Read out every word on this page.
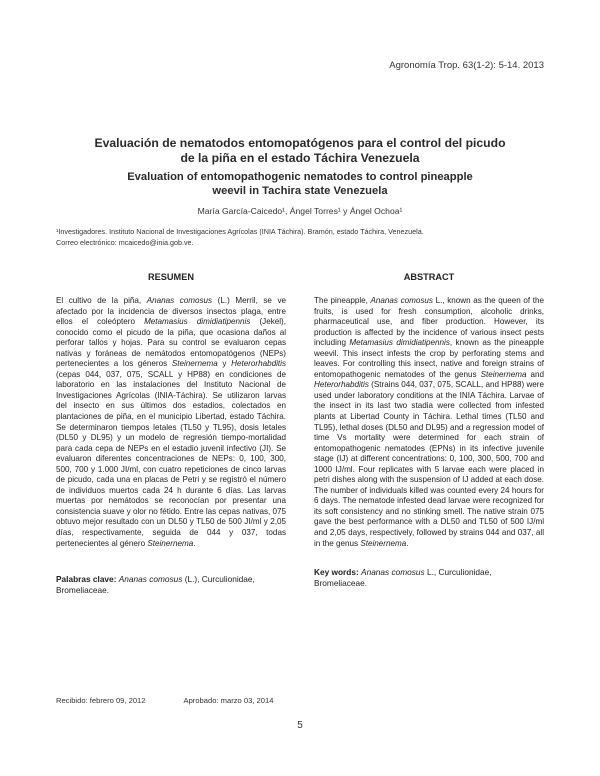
Agronomía Trop. 63(1-2): 5-14. 2013
Evaluación de nematodos entomopatógenos para el control del picudo
de la piña en el estado Táchira Venezuela
Evaluation of entomopathogenic nematodes to control pineapple
weevil in Tachira state Venezuela
María García-Caicedo¹, Ángel Torres¹ y Ángel Ochoa¹
¹Investigadores. Instituto Nacional de Investigaciones Agrícolas (INIA Táchira). Bramón, estado Táchira, Venezuela.
Correo electrónico: mcaicedo@inia.gob.ve.
RESUMEN	ABSTRACT
El cultivo de la piña, Ananas comosus (L.) Merril, se ve afectado por la incidencia de diversos insectos plaga, entre ellos el coleóptero Metamasius dimidiatipennis (Jekel), conocido como el picudo de la piña, que ocasiona daños al perforar tallos y hojas. Para su control se evaluaron cepas nativas y foráneas de nemátodos entomopatógenos (NEPs) pertenecientes a los géneros Steinernema y Heterorhabditis (cepas 044, 037, 075, SCALL y HP88) en condiciones de laboratorio en las instalaciones del Instituto Nacional de Investigaciones Agrícolas (INIA-Táchira). Se utilizaron larvas del insecto en sus últimos dos estadios, colectados en plantaciones de piña, en el municipio Libertad, estado Táchira. Se determinaron tiempos letales (TL50 y TL95), dosis letales (DL50 y DL95) y un modelo de regresión tiempo-mortalidad para cada cepa de NEPs en el estadio juvenil infectivo (JI). Se evaluaron diferentes concentraciones de NEPs: 0, 100, 300, 500, 700 y 1.000 JI/ml, con cuatro repeticiones de cinco larvas de picudo, cada una en placas de Petri y se registró el número de individuos muertos cada 24 h durante 6 días. Las larvas muertas por nemátodos se reconocían por presentar una consistencia suave y olor no fétido. Entre las cepas nativas, 075 obtuvo mejor resultado con un DL50 y TL50 de 500 JI/ml y 2,05 días, respectivamente, seguida de 044 y 037, todas pertenecientes al género Steinernema.
The pineapple, Ananas comosus L., known as the queen of the fruits, is used for fresh consumption, alcoholic drinks, pharmaceutical use, and fiber production. However, its production is affected by the incidence of various insect pests including Metamasius dimidiatipennis, known as the pineapple weevil. This insect infests the crop by perforating stems and leaves. For controlling this insect, native and foreign strains of entomopathogenic nematodes of the genus Steinernema and Heterorhabditis (Strains 044, 037, 075, SCALL, and HP88) were used under laboratory conditions at the INIA Táchira. Larvae of the insect in its last two stadia were collected from infested plants at Libertad County in Táchira. Lethal times (TL50 and TL95), lethal doses (DL50 and DL95) and a regression model of time Vs mortality were determined for each strain of entomopathogenic nematodes (EPNs) in its infective juvenile stage (IJ) at different concentrations: 0, 100, 300, 500, 700 and 1000 IJ/ml. Four replicates with 5 larvae each were placed in petri dishes along with the suspension of IJ added at each dose. The number of individuals killed was counted every 24 hours for 6 days. The nematode infested dead larvae were recognized for its soft consistency and no stinking smell. The native strain 075 gave the best performance with a DL50 and TL50 of 500 IJ/ml and 2,05 days, respectively, followed by strains 044 and 037, all in the genus Steinernema.
Palabras clave: Ananas comosus (L.), Curculionidae, Bromeliaceae.
Key words: Ananas comosus L., Curculionidae, Bromeliaceae.
Recibido: febrero 09, 2012	Aprobado: marzo 03, 2014
5
